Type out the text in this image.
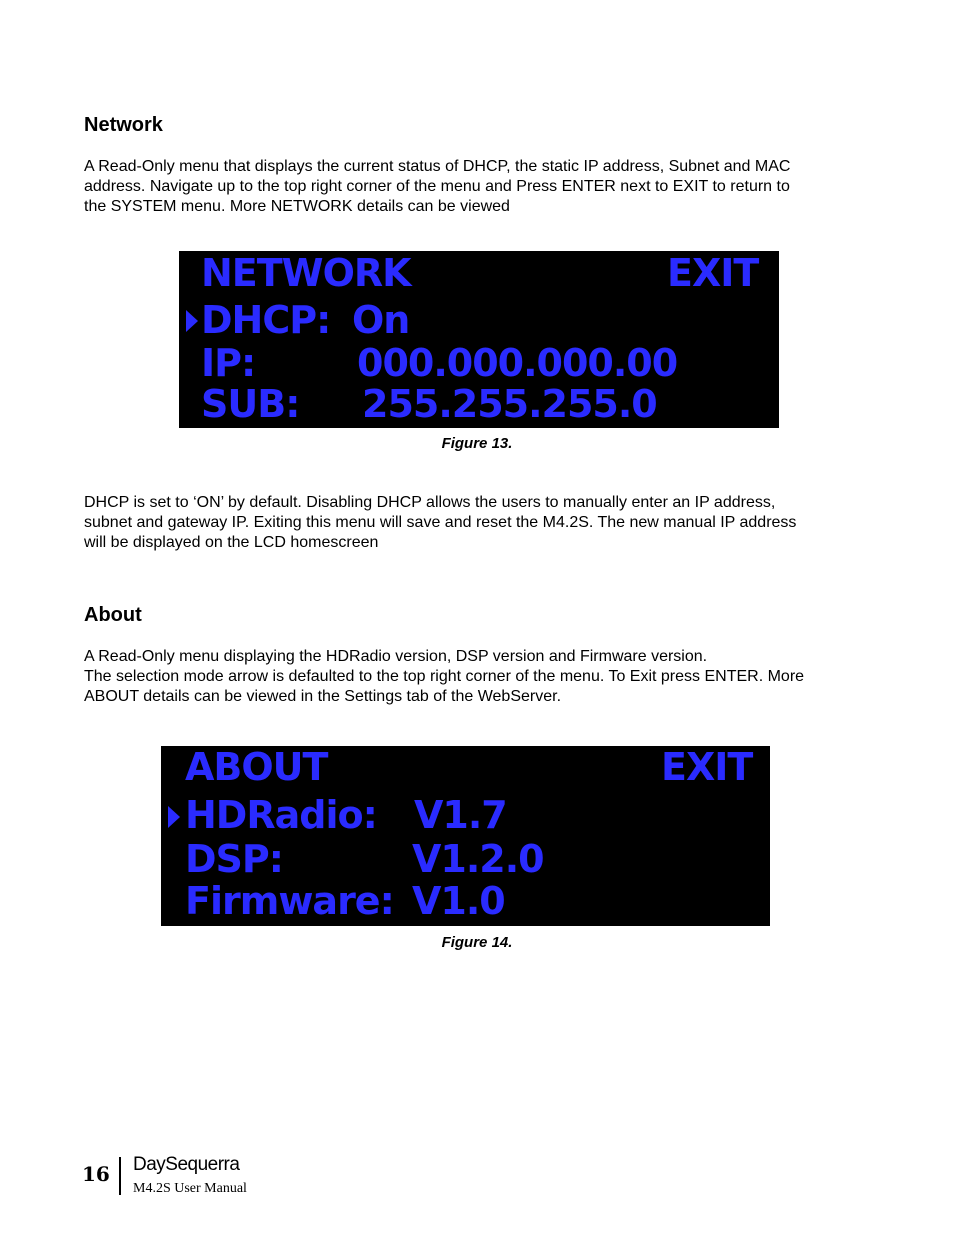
Network

A Read-Only menu that displays the current status of DHCP, the static IP address, Subnet and MAC
address. Navigate up to the top right corner of the menu and Press ENTER next to EXIT to return to
the SYSTEM menu. More NETWORK details can be viewed

NETWORK	EXIT
DHCP: On
IP:	000.000.000.00
SUB: 255.255.255.0

Figure 13.

DHCP is set to ‘ON’ by default. Disabling DHCP allows the users to manually enter an IP address,
subnet and gateway IP. Exiting this menu will save and reset the M4.2S. The new manual IP address
will be displayed on the LCD homescreen

About

A Read-Only menu displaying the HDRadio version, DSP version and Firmware version.
The selection mode arrow is defaulted to the top right corner of the menu. To Exit press ENTER. More
ABOUT details can be viewed in the Settings tab of the WebServer.

ABOUT	EXIT
HDRadio: V1.7
DSP:	V1.2.0
Firmware: V1.0

Figure 14.

16 DaySequerra
M4.2S User Manual
